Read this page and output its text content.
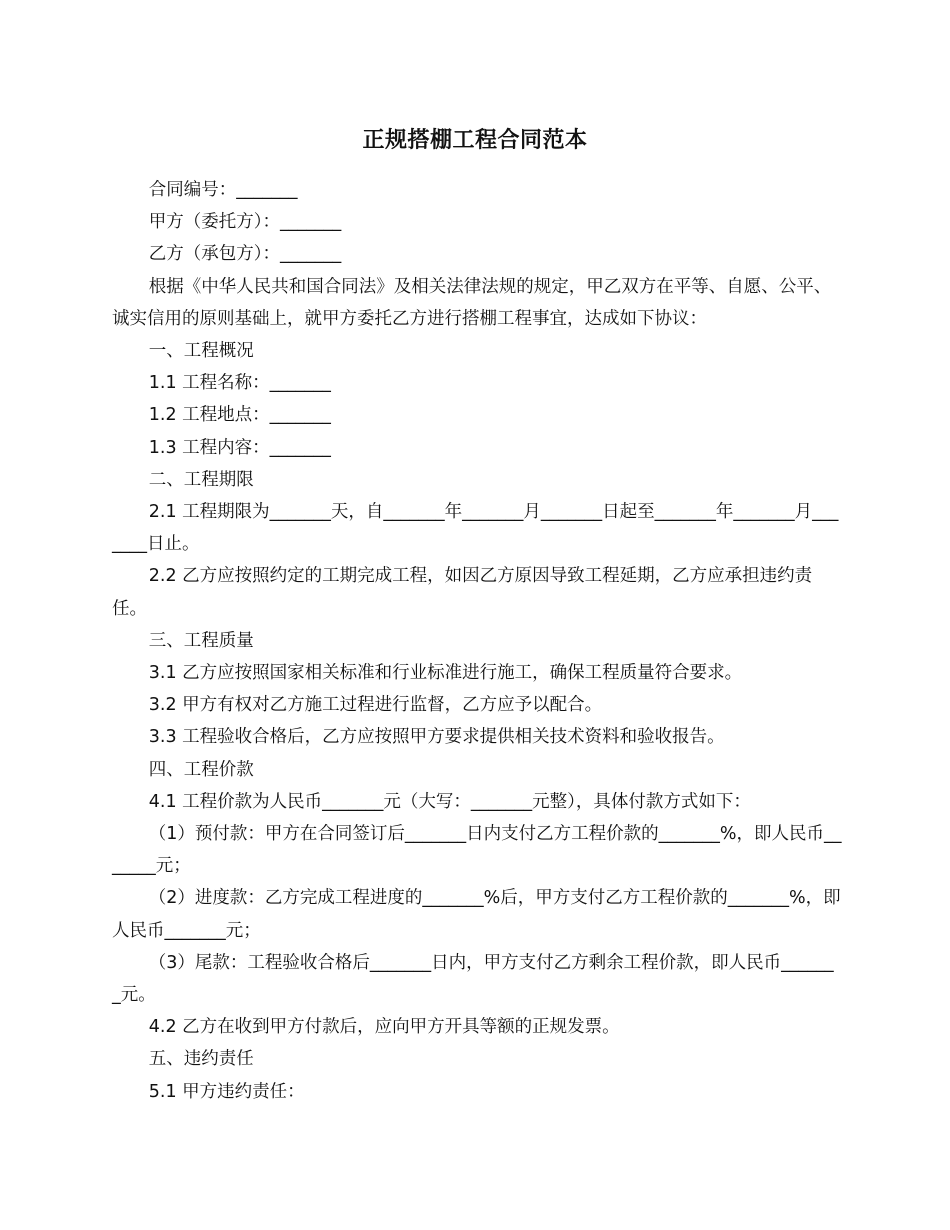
正规搭棚工程合同范本

合同编号：_______

甲方（委托方）：_______

乙方（承包方）：_______

根据《中华人民共和国合同法》及相关法律法规的规定，甲乙双方在平等、自愿、公平、诚实信用的原则基础上，就甲方委托乙方进行搭棚工程事宜，达成如下协议：

一、工程概况

1.1 工程名称：_______

1.2 工程地点：_______

1.3 工程内容：_______

二、工程期限

2.1 工程期限为_______天，自_______年_______月_______日起至_______年_______月_______日止。

2.2 乙方应按照约定的工期完成工程，如因乙方原因导致工程延期，乙方应承担违约责任。

三、工程质量

3.1 乙方应按照国家相关标准和行业标准进行施工，确保工程质量符合要求。

3.2 甲方有权对乙方施工过程进行监督，乙方应予以配合。

3.3 工程验收合格后，乙方应按照甲方要求提供相关技术资料和验收报告。

四、工程价款

4.1 工程价款为人民币_______元（大写：_______元整），具体付款方式如下：

（1）预付款：甲方在合同签订后_______日内支付乙方工程价款的_______%，即人民币_______元；

（2）进度款：乙方完成工程进度的_______%后，甲方支付乙方工程价款的_______%，即人民币_______元；

（3）尾款：工程验收合格后_______日内，甲方支付乙方剩余工程价款，即人民币_______元。

4.2 乙方在收到甲方付款后，应向甲方开具等额的正规发票。

五、违约责任

5.1 甲方违约责任：
